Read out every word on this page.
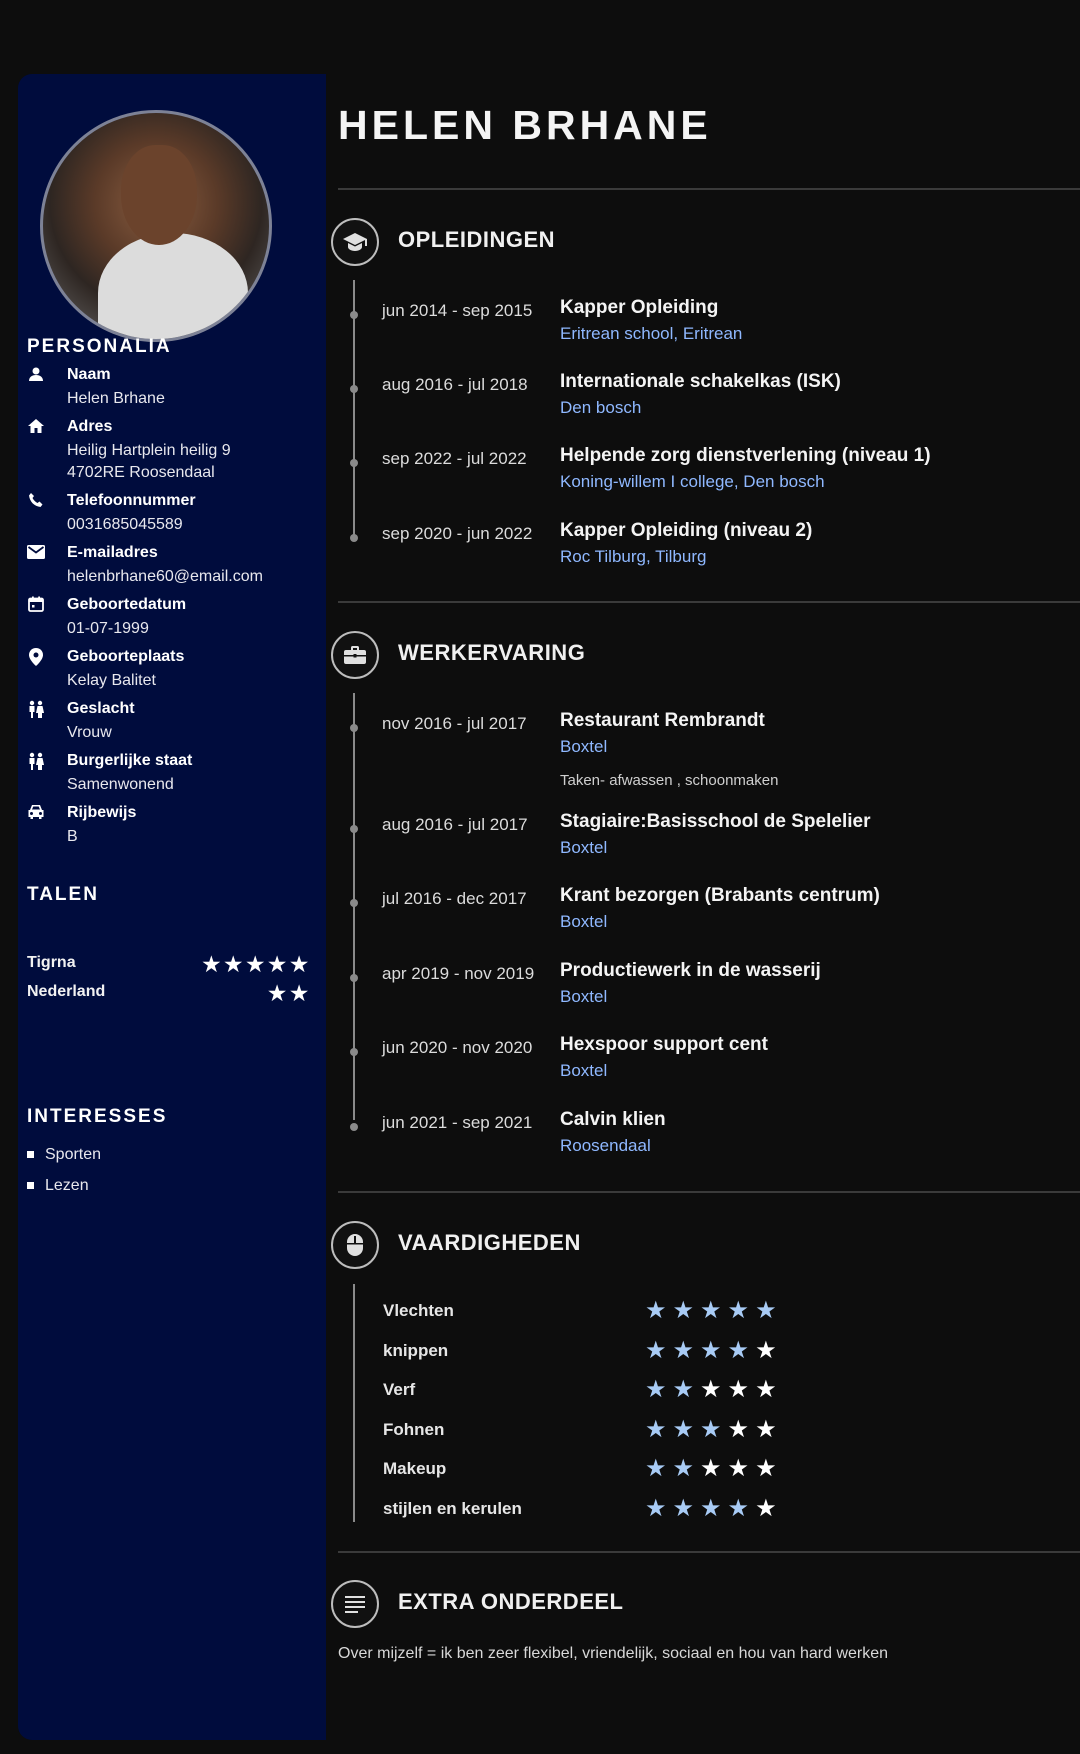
PERSONALIA
Naam
Helen Brhane
Adres
Heilig Hartplein heilig 9
4702RE Roosendaal
Telefoonnummer
0031685045589
E-mailadres
helenbrhane60@email.com
Geboortedatum
01-07-1999
Geboorteplaats
Kelay Balitet
Geslacht
Vrouw
Burgerlijke staat
Samenwonend
Rijbewijs
B
TALEN
Tigrna	★★★★★
Nederland	★★
INTERESSES
Sporten
Lezen
HELEN BRHANE
OPLEIDINGEN
jun 2014 - sep 2015 Kapper Opleiding
Eritrean school, Eritrean
aug 2016 - jul 2018 Internationale schakelkas (ISK)
Den bosch
sep 2022 - jul 2022 Helpende zorg dienstverlening (niveau 1)
Koning-willem I college, Den bosch
sep 2020 - jun 2022 Kapper Opleiding (niveau 2)
Roc Tilburg, Tilburg
WERKERVARING
nov 2016 - jul 2017 Restaurant Rembrandt
Boxtel
Taken- afwassen , schoonmaken
aug 2016 - jul 2017 Stagiaire:Basisschool de Spelelier
Boxtel
jul 2016 - dec 2017 Krant bezorgen (Brabants centrum)
Boxtel
apr 2019 - nov 2019 Productiewerk in de wasserij
Boxtel
jun 2020 - nov 2020 Hexspoor support cent
Boxtel
jun 2021 - sep 2021 Calvin klien
Roosendaal
VAARDIGHEDEN
Vlechten	★★★★★
knippen	★★★★★
Verf	★★★★★
Fohnen	★★★★★
Makeup	★★★★★
stijlen en kerulen	★★★★★
EXTRA ONDERDEEL
Over mijzelf = ik ben zeer flexibel, vriendelijk, sociaal en hou van hard werken
